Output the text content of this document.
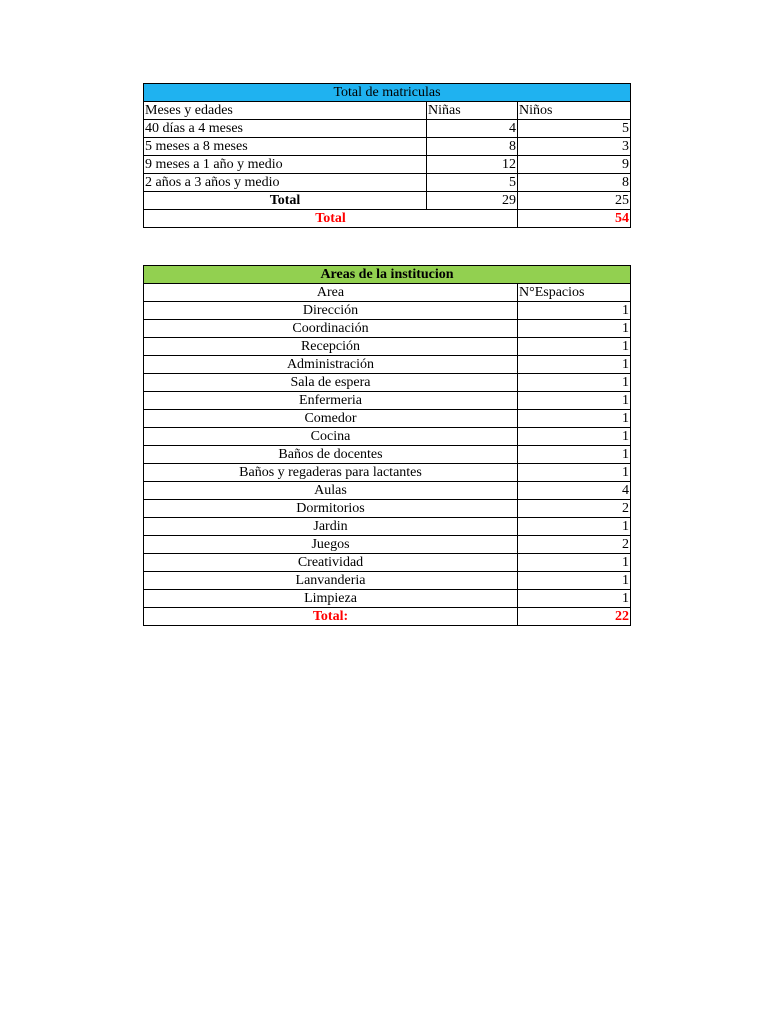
Total de matriculas		
Meses y edades	Niñas	Niños
40 días a 4 meses	4	5
5 meses a 8 meses	8	3
9 meses a 1 año y medio	12	9
2 años a 3 años y medio	5	8
Total	29	25
Total		54
Areas de la institucion	
Area	N°Espacios
Dirección	1
Coordinación	1
Recepción	1
Administración	1
Sala de espera	1
Enfermeria	1
Comedor	1
Cocina	1
Baños de docentes	1
Baños y regaderas para lactantes	1
Aulas	4
Dormitorios	2
Jardin	1
Juegos	2
Creatividad	1
Lanvanderia	1
Limpieza	1
Total:	22
